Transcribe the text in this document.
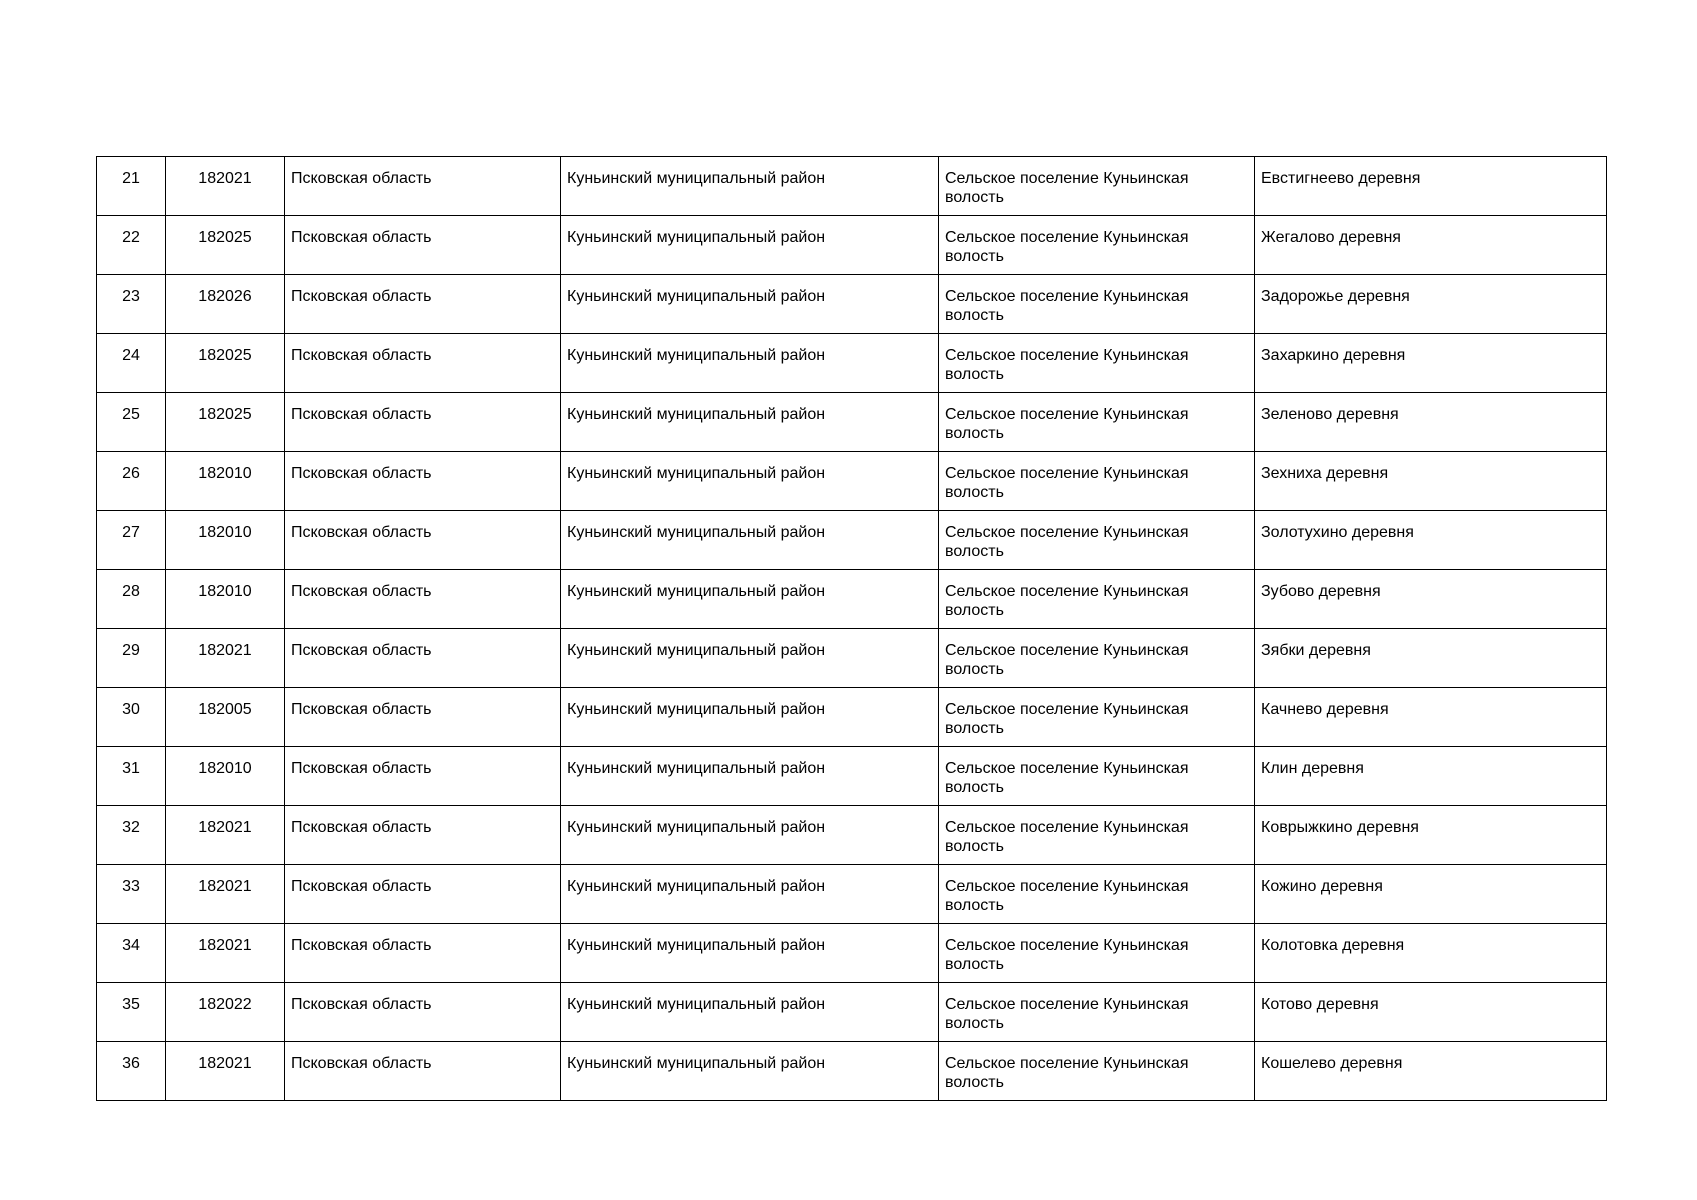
21	182021	Псковская область	Куньинский муниципальный район	Сельское поселение Куньинская волость	Евстигнеево деревня

22	182025	Псковская область	Куньинский муниципальный район	Сельское поселение Куньинская волость	Жегалово деревня

23	182026	Псковская область	Куньинский муниципальный район	Сельское поселение Куньинская волость	Задорожье деревня

24	182025	Псковская область	Куньинский муниципальный район	Сельское поселение Куньинская волость	Захаркино деревня

25	182025	Псковская область	Куньинский муниципальный район	Сельское поселение Куньинская волость	Зеленово деревня

26	182010	Псковская область	Куньинский муниципальный район	Сельское поселение Куньинская волость	Зехниха деревня

27	182010	Псковская область	Куньинский муниципальный район	Сельское поселение Куньинская волость	Золотухино деревня

28	182010	Псковская область	Куньинский муниципальный район	Сельское поселение Куньинская волость	Зубово деревня

29	182021	Псковская область	Куньинский муниципальный район	Сельское поселение Куньинская волость	Зябки деревня

30	182005	Псковская область	Куньинский муниципальный район	Сельское поселение Куньинская волость	Качнево деревня

31	182010	Псковская область	Куньинский муниципальный район	Сельское поселение Куньинская волость	Клин деревня

32	182021	Псковская область	Куньинский муниципальный район	Сельское поселение Куньинская волость	Коврыжкино деревня

33	182021	Псковская область	Куньинский муниципальный район	Сельское поселение Куньинская волость	Кожино деревня

34	182021	Псковская область	Куньинский муниципальный район	Сельское поселение Куньинская волость	Колотовка деревня

35	182022	Псковская область	Куньинский муниципальный район	Сельское поселение Куньинская волость	Котово деревня

36	182021	Псковская область	Куньинский муниципальный район	Сельское поселение Куньинская волость	Кошелево деревня
